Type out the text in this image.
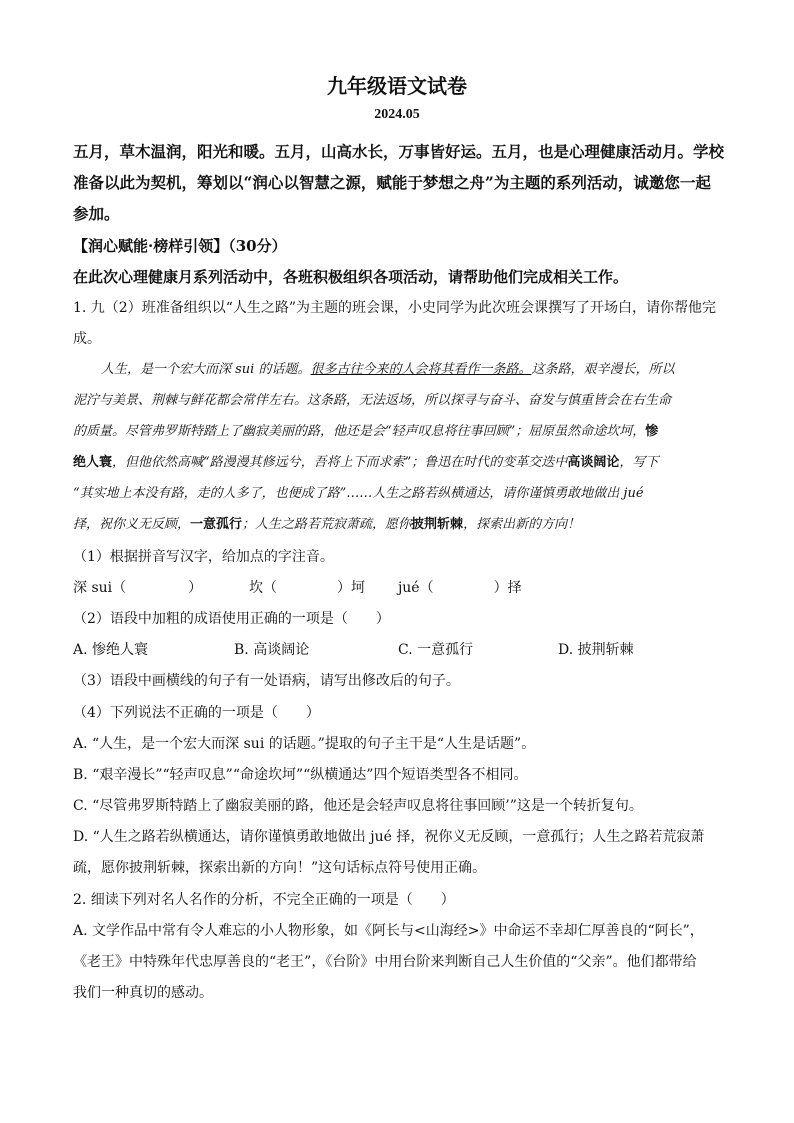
九年级语文试卷
2024.05
五月，草木温润，阳光和暖。五月，山高水长，万事皆好运。五月，也是心理健康活动月。学校准备以此为契机，筹划以“润心以智慧之源，赋能于梦想之舟”为主题的系列活动，诚邀您一起参加。
【润心赋能·榜样引领】（30分）
在此次心理健康月系列活动中，各班积极组织各项活动，请帮助他们完成相关工作。
1. 九（2）班准备组织以“人生之路”为主题的班会课，小史同学为此次班会课撰写了开场白，请你帮他完
成。
人生，是一个宏大而深 sui 的话题。很多古往今来的人会将其看作一条路。这条路，艰辛漫长，所以
泥泞与美景、荆棘与鲜花都会常伴左右。这条路，无法返场，所以探寻与奋斗、奋发与慎重皆会在右生命
的质量。尽管弗罗斯特踏上了幽寂美丽的路，他还是会“轻声叹息将往事回顾”；屈原虽然命途坎坷，惨
绝人寰，但他依然高喊“路漫漫其修远兮，吾将上下而求索”；鲁迅在时代的变革交迭中高谈阔论，写下
“其实地上本没有路，走的人多了，也便成了路”……人生之路若纵横通达，请你谨慎勇敢地做出 jué
择，祝你义无反顾，一意孤行；人生之路若荒寂萧疏，愿你披荆斩棘，探索出新的方向！
（1）根据拼音写汉字，给加点的字注音。
深 sui（	）	坎（	）坷 jué（	）择
（2）语段中加粗的成语使用正确的一项是（　　）
A. 惨绝人寰	B. 高谈阔论	C. 一意孤行	D. 披荆斩棘
（3）语段中画横线的句子有一处语病，请写出修改后的句子。
（4）下列说法不正确的一项是（　　）
A. “人生，是一个宏大而深 sui 的话题。”提取的句子主干是“人生是话题”。
B. “艰辛漫长”“轻声叹息”“命途坎坷”“纵横通达”四个短语类型各不相同。
C. “尽管弗罗斯特踏上了幽寂美丽的路，他还是会轻声叹息将往事回顾’”这是一个转折复句。
D. “人生之路若纵横通达，请你谨慎勇敢地做出 jué 择，祝你义无反顾，一意孤行；人生之路若荒寂萧
疏，愿你披荆斩棘，探索出新的方向！”这句话标点符号使用正确。
2. 细读下列对名人名作的分析，不完全正确的一项是（　　）
A. 文学作品中常有令人难忘的小人物形象，如《阿长与<山海经>》中命运不幸却仁厚善良的“阿长”，
《老王》中特殊年代忠厚善良的“老王”，《台阶》中用台阶来判断自己人生价值的“父亲”。他们都带给
我们一种真切的感动。
